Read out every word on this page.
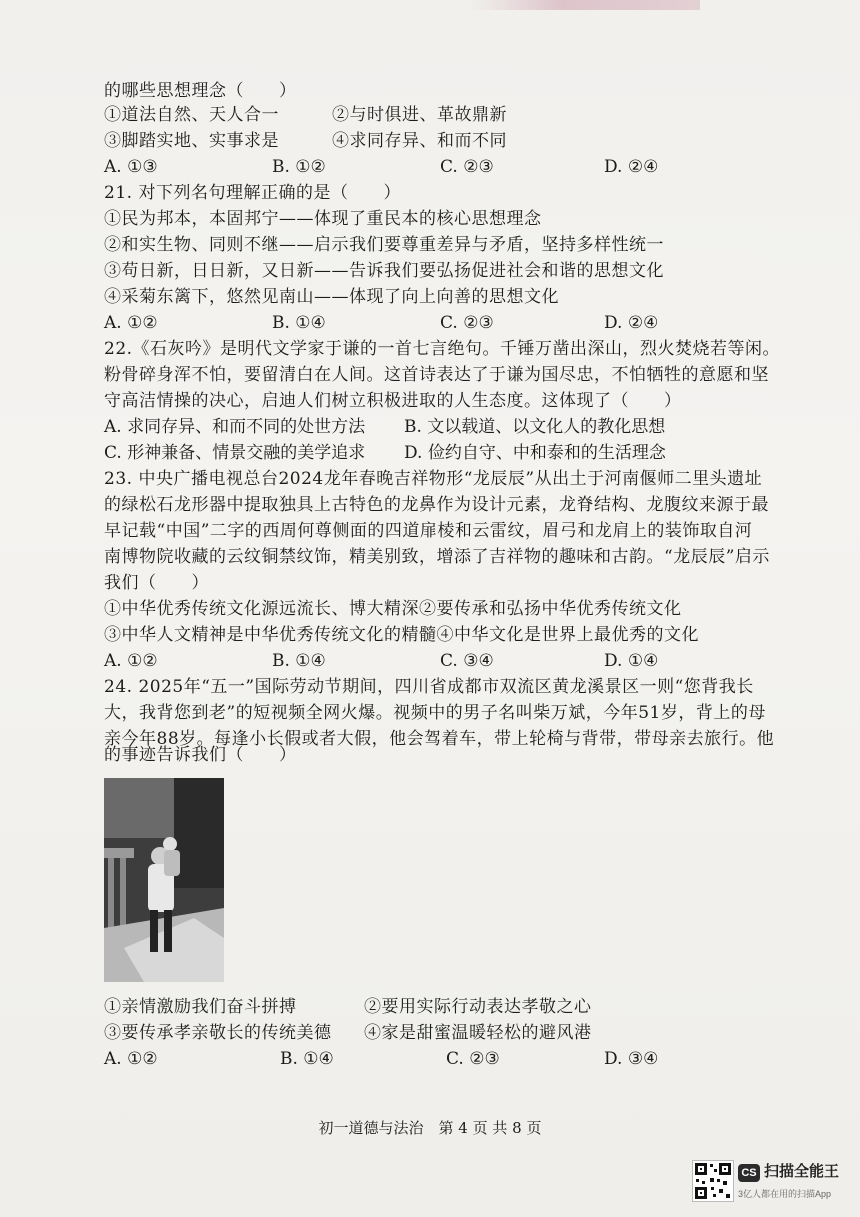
的哪些思想理念（　　）
①道法自然、天人合一	②与时俱进、革故鼎新
③脚踏实地、实事求是	④求同存异、和而不同
A. ①③	B. ①②	C. ②③	D. ②④
21. 对下列名句理解正确的是（　　）
①民为邦本，本固邦宁——体现了重民本的核心思想理念
②和实生物、同则不继——启示我们要尊重差异与矛盾，坚持多样性统一
③苟日新，日日新，又日新——告诉我们要弘扬促进社会和谐的思想文化
④采菊东篱下，悠然见南山——体现了向上向善的思想文化
A. ①②	B. ①④	C. ②③	D. ②④
22.《石灰吟》是明代文学家于谦的一首七言绝句。千锤万凿出深山，烈火焚烧若等闲。
粉骨碎身浑不怕，要留清白在人间。这首诗表达了于谦为国尽忠，不怕牺牲的意愿和坚
守高洁情操的决心，启迪人们树立积极进取的人生态度。这体现了（　　）
A. 求同存异、和而不同的处世方法 B. 文以载道、以文化人的教化思想
C. 形神兼备、情景交融的美学追求 D. 俭约自守、中和泰和的生活理念
23. 中央广播电视总台2024龙年春晚吉祥物形“龙辰辰”从出土于河南偃师二里头遗址
的绿松石龙形器中提取独具上古特色的龙鼻作为设计元素，龙脊结构、龙腹纹来源于最
早记载“中国”二字的西周何尊侧面的四道扉棱和云雷纹，眉弓和龙肩上的装饰取自河
南博物院收藏的云纹铜禁纹饰，精美别致，增添了吉祥物的趣味和古韵。“龙辰辰”启示
我们（　　）
①中华优秀传统文化源远流长、博大精深②要传承和弘扬中华优秀传统文化
③中华人文精神是中华优秀传统文化的精髓④中华文化是世界上最优秀的文化
A. ①②	B. ①④	C. ③④	D. ①④
24. 2025年“五一”国际劳动节期间，四川省成都市双流区黄龙溪景区一则“您背我长
大，我背您到老”的短视频全网火爆。视频中的男子名叫柴万斌，今年51岁，背上的母
亲今年88岁。每逢小长假或者大假，他会驾着车，带上轮椅与背带，带母亲去旅行。他
的事迹告诉我们（　　）
①亲情激励我们奋斗拼搏	②要用实际行动表达孝敬之心
③要传承孝亲敬长的传统美德 ④家是甜蜜温暖轻松的避风港
A. ①②	B. ①④	C. ②③	D. ③④
初一道德与法治　第 4 页 共 8 页
CS 扫描全能王
3亿人都在用的扫描App
